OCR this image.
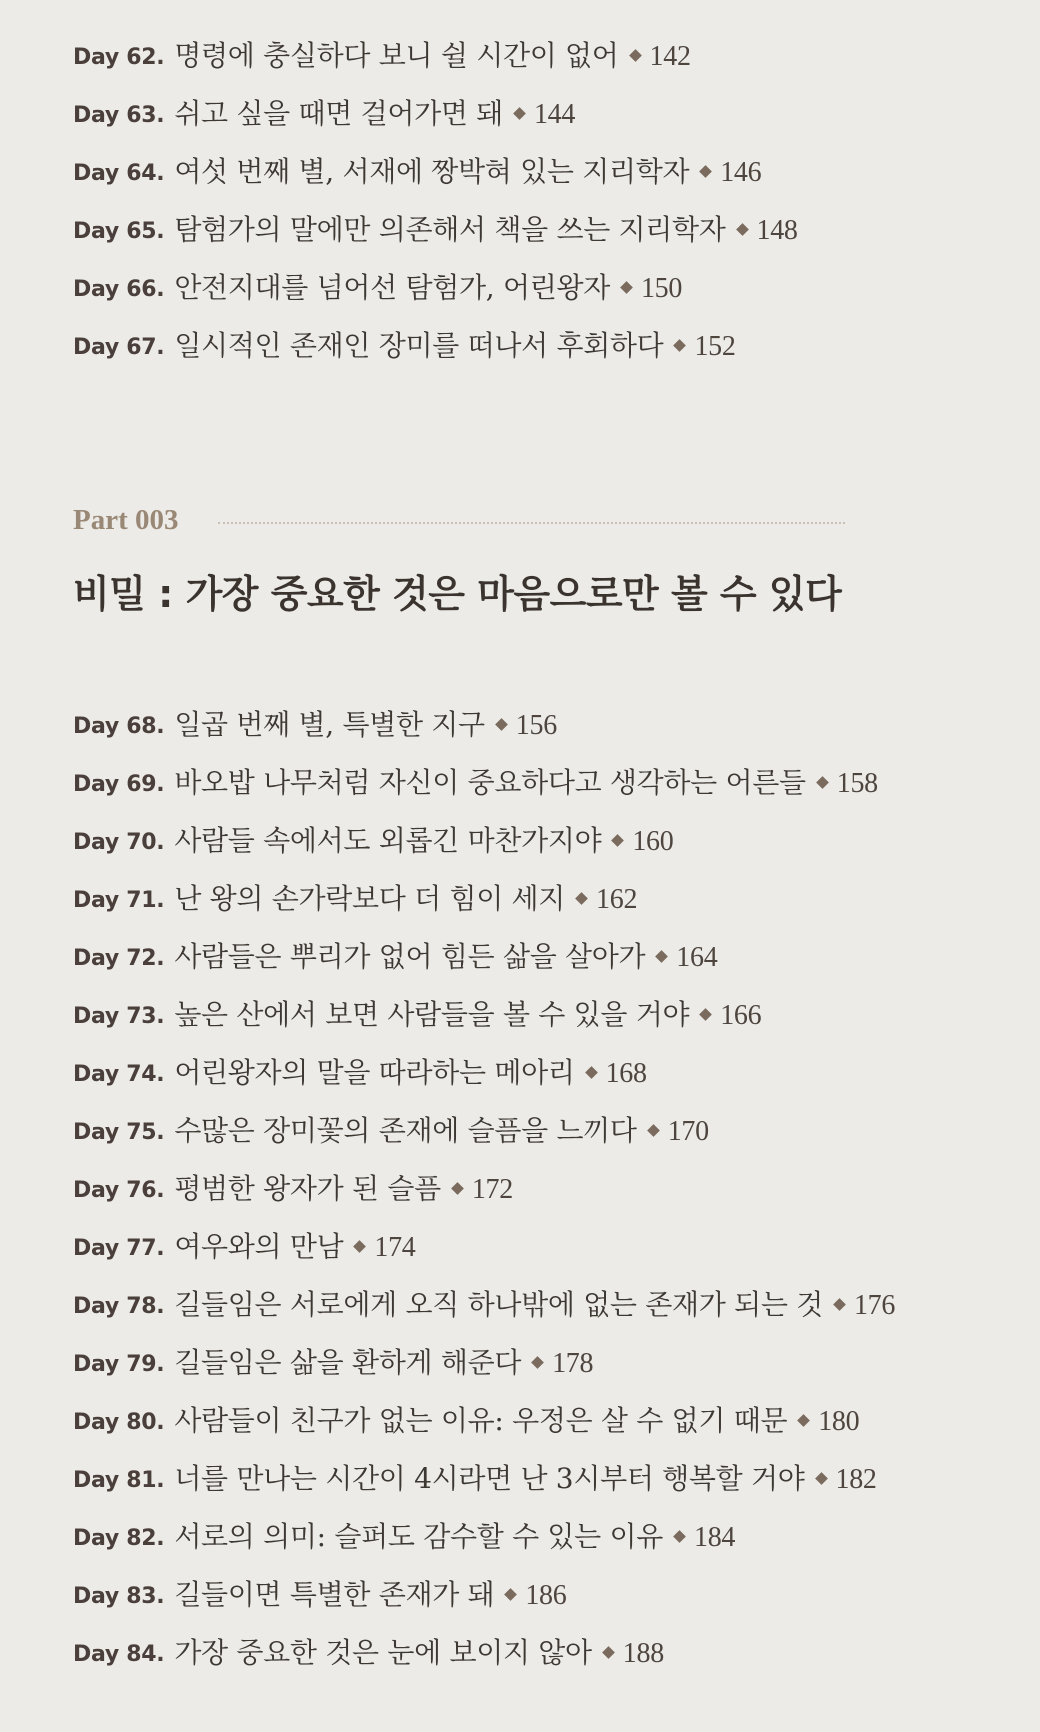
Day 62. 명령에 충실하다 보니 쉴 시간이 없어 142
Day 63. 쉬고 싶을 때면 걸어가면 돼 144
Day 64. 여섯 번째 별, 서재에 짱박혀 있는 지리학자 146
Day 65. 탐험가의 말에만 의존해서 책을 쓰는 지리학자 148
Day 66. 안전지대를 넘어선 탐험가, 어린왕자 150
Day 67. 일시적인 존재인 장미를 떠나서 후회하다 152
Part 003
비밀 : 가장 중요한 것은 마음으로만 볼 수 있다
Day 68. 일곱 번째 별, 특별한 지구 156
Day 69. 바오밥 나무처럼 자신이 중요하다고 생각하는 어른들 158
Day 70. 사람들 속에서도 외롭긴 마찬가지야 160
Day 71. 난 왕의 손가락보다 더 힘이 세지 162
Day 72. 사람들은 뿌리가 없어 힘든 삶을 살아가 164
Day 73. 높은 산에서 보면 사람들을 볼 수 있을 거야 166
Day 74. 어린왕자의 말을 따라하는 메아리 168
Day 75. 수많은 장미꽃의 존재에 슬픔을 느끼다 170
Day 76. 평범한 왕자가 된 슬픔 172
Day 77. 여우와의 만남 174
Day 78. 길들임은 서로에게 오직 하나밖에 없는 존재가 되는 것 176
Day 79. 길들임은 삶을 환하게 해준다 178
Day 80. 사람들이 친구가 없는 이유: 우정은 살 수 없기 때문 180
Day 81. 너를 만나는 시간이 4시라면 난 3시부터 행복할 거야 182
Day 82. 서로의 의미: 슬퍼도 감수할 수 있는 이유 184
Day 83. 길들이면 특별한 존재가 돼 186
Day 84. 가장 중요한 것은 눈에 보이지 않아 188
